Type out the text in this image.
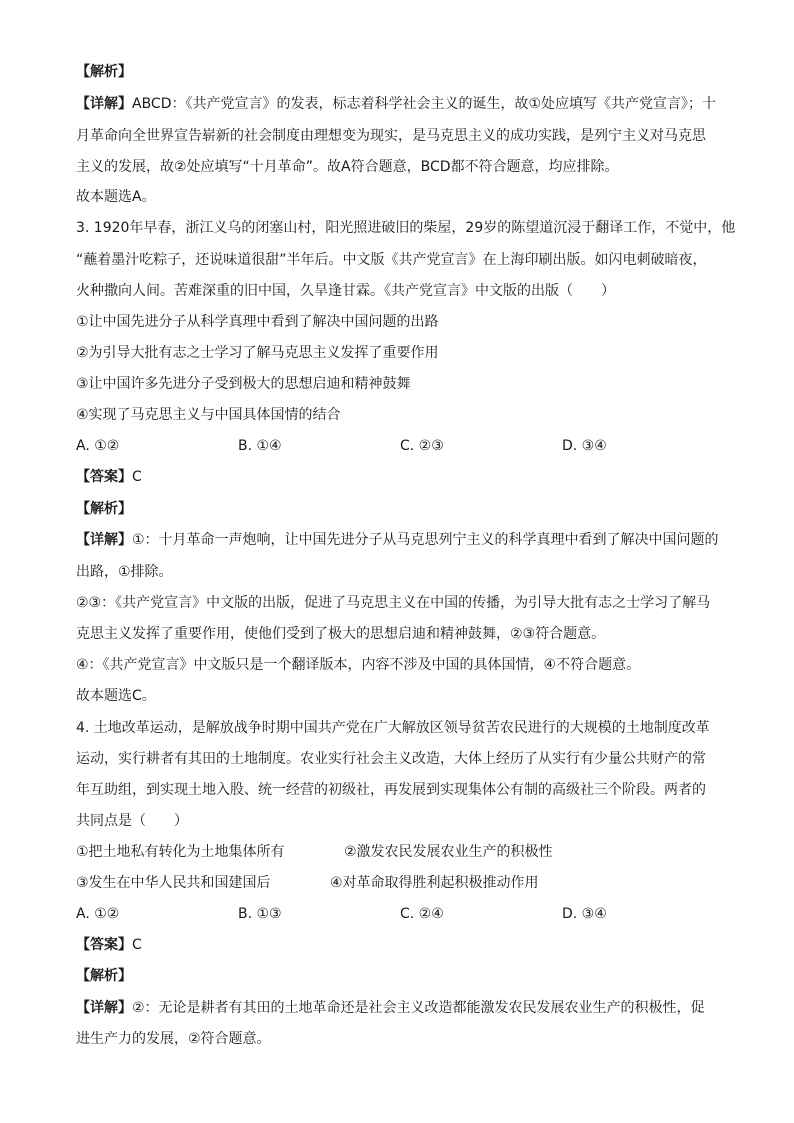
【解析】
【详解】ABCD：《共产党宣言》的发表，标志着科学社会主义的诞生，故①处应填写《共产党宣言》；十
月革命向全世界宣告崭新的社会制度由理想变为现实，是马克思主义的成功实践，是列宁主义对马克思
主义的发展，故②处应填写“十月革命”。故A符合题意，BCD都不符合题意，均应排除。
故本题选A。
3. 1920年早春，浙江义乌的闭塞山村，阳光照进破旧的柴屋，29岁的陈望道沉浸于翻译工作，不觉中，他
“蘸着墨汁吃粽子，还说味道很甜”半年后。中文版《共产党宣言》在上海印刷出版。如闪电刺破暗夜，
火种撒向人间。苦难深重的旧中国，久旱逢甘霖。《共产党宣言》中文版的出版（　　）
①让中国先进分子从科学真理中看到了解决中国问题的出路
②为引导大批有志之士学习了解马克思主义发挥了重要作用
③让中国许多先进分子受到极大的思想启迪和精神鼓舞
④实现了马克思主义与中国具体国情的结合
A. ①②	B. ①④	C. ②③	D. ③④
【答案】C
【解析】
【详解】①：十月革命一声炮响，让中国先进分子从马克思列宁主义的科学真理中看到了解决中国问题的
出路，①排除。
②③：《共产党宣言》中文版的出版，促进了马克思主义在中国的传播，为引导大批有志之士学习了解马
克思主义发挥了重要作用，使他们受到了极大的思想启迪和精神鼓舞，②③符合题意。
④：《共产党宣言》中文版只是一个翻译版本，内容不涉及中国的具体国情，④不符合题意。
故本题选C。
4. 土地改革运动，是解放战争时期中国共产党在广大解放区领导贫苦农民进行的大规模的土地制度改革
运动，实行耕者有其田的土地制度。农业实行社会主义改造，大体上经历了从实行有少量公共财产的常
年互助组，到实现土地入股、统一经营的初级社，再发展到实现集体公有制的高级社三个阶段。两者的
共同点是（　　）
①把土地私有转化为土地集体所有	②激发农民发展农业生产的积极性
③发生在中华人民共和国建国后	④对革命取得胜利起积极推动作用
A. ①②	B. ①③	C. ②④	D. ③④
【答案】C
【解析】
【详解】②：无论是耕者有其田的土地革命还是社会主义改造都能激发农民发展农业生产的积极性，促
进生产力的发展，②符合题意。
